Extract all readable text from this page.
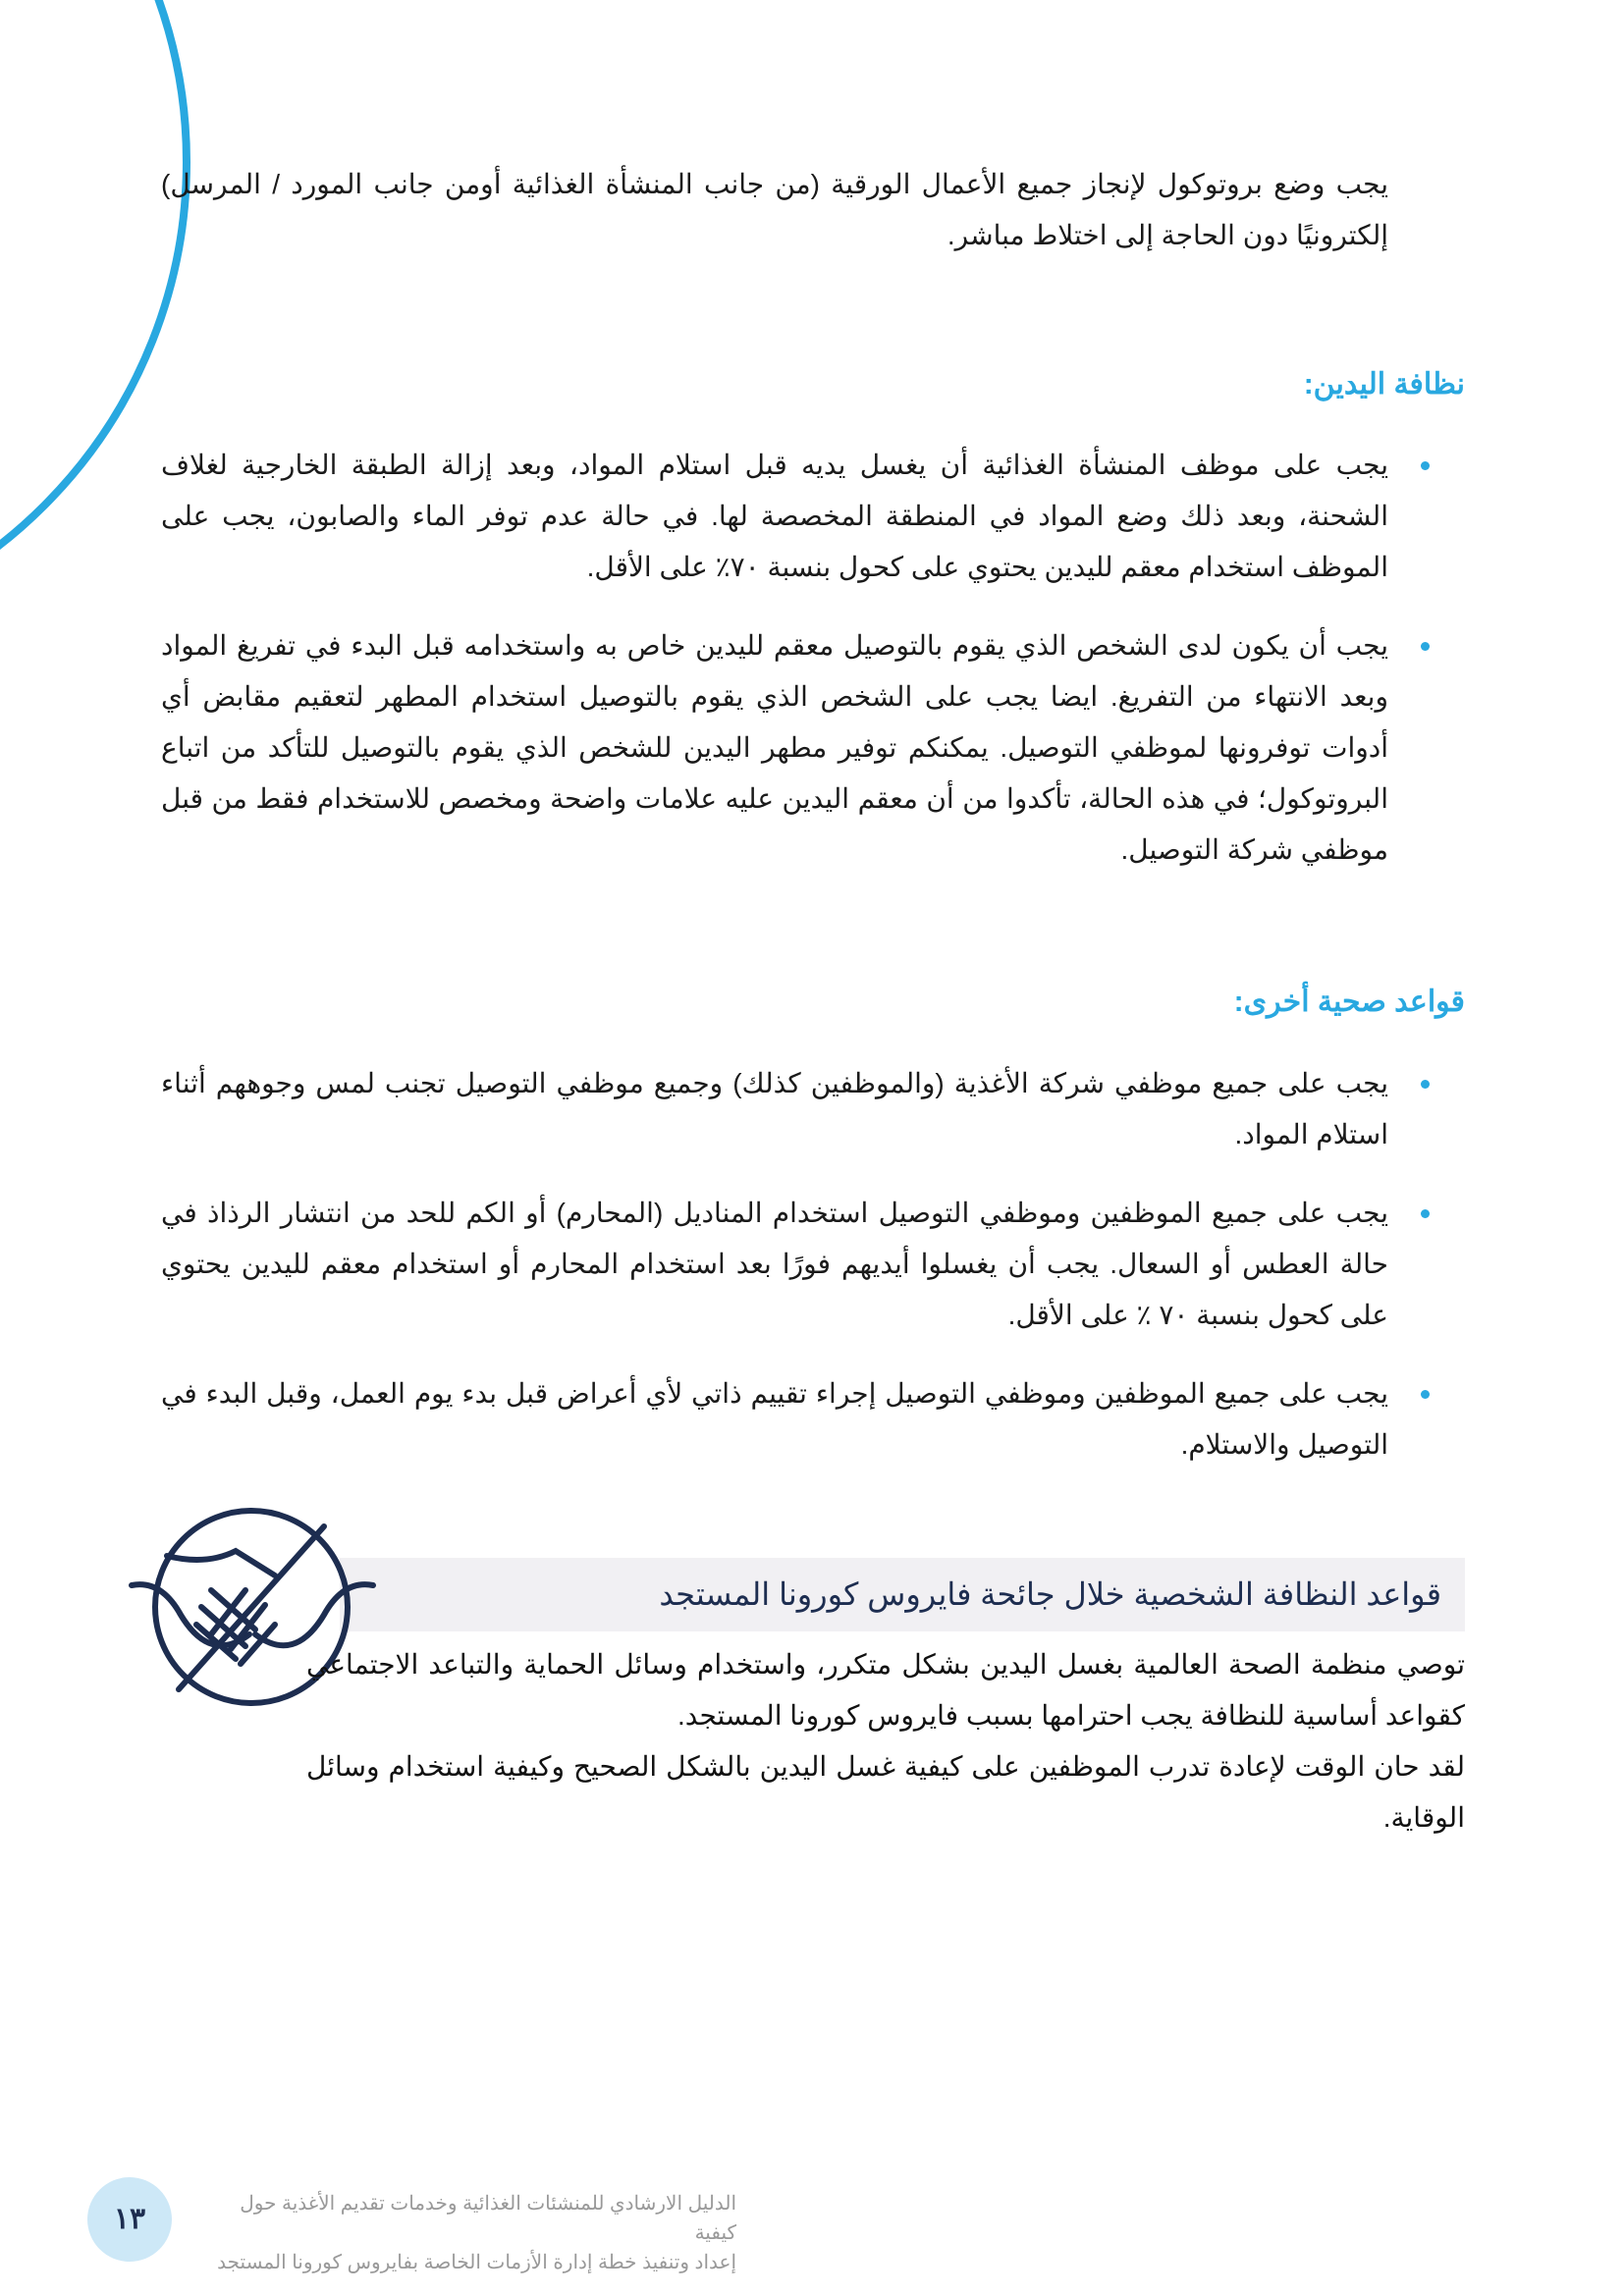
يجب وضع بروتوكول لإنجاز جميع الأعمال الورقية (من جانب المنشأة الغذائية أومن جانب المورد / المرسل) إلكترونيًا دون الحاجة إلى اختلاط مباشر.
نظافة اليدين:
يجب على موظف المنشأة الغذائية أن يغسل يديه قبل استلام المواد، وبعد إزالة الطبقة الخارجية لغلاف الشحنة، وبعد ذلك وضع المواد في المنطقة المخصصة لها. في حالة عدم توفر الماء والصابون، يجب على الموظف استخدام معقم لليدين يحتوي على كحول بنسبة ٧٠٪ على الأقل.
يجب أن يكون لدى الشخص الذي يقوم بالتوصيل معقم لليدين خاص به واستخدامه قبل البدء في تفريغ المواد وبعد الانتهاء من التفريغ. ايضا يجب على الشخص الذي يقوم بالتوصيل استخدام المطهر لتعقيم مقابض أي أدوات توفرونها لموظفي التوصيل. يمكنكم توفير مطهر اليدين للشخص الذي يقوم بالتوصيل للتأكد من اتباع البروتوكول؛ في هذه الحالة، تأكدوا من أن معقم اليدين عليه علامات واضحة ومخصص للاستخدام فقط من قبل موظفي شركة التوصيل.
قواعد صحية أخرى:
يجب على جميع موظفي شركة الأغذية (والموظفين كذلك) وجميع موظفي التوصيل تجنب لمس وجوههم أثناء استلام المواد.
يجب على جميع الموظفين وموظفي التوصيل استخدام المناديل (المحارم) أو الكم للحد من انتشار الرذاذ في حالة العطس أو السعال. يجب أن يغسلوا أيديهم فورًا بعد استخدام المحارم أو استخدام معقم لليدين يحتوي على كحول بنسبة ٧٠ ٪ على الأقل.
يجب على جميع الموظفين وموظفي التوصيل إجراء تقييم ذاتي لأي أعراض قبل بدء يوم العمل، وقبل البدء في التوصيل والاستلام.
قواعد النظافة الشخصية خلال جائحة فايروس كورونا المستجد
توصي منظمة الصحة العالمية بغسل اليدين بشكل متكرر، واستخدام وسائل الحماية والتباعد الاجتماعي كقواعد أساسية للنظافة يجب احترامها بسبب فايروس كورونا المستجد.
لقد حان الوقت لإعادة تدرب الموظفين على كيفية غسل اليدين بالشكل الصحيح وكيفية استخدام وسائل الوقاية.
١٣	الدليل الارشادي للمنشئات الغذائية وخدمات تقديم الأغذية حول كيفية
إعداد وتنفيذ خطة إدارة الأزمات الخاصة بفايروس كورونا المستجد
